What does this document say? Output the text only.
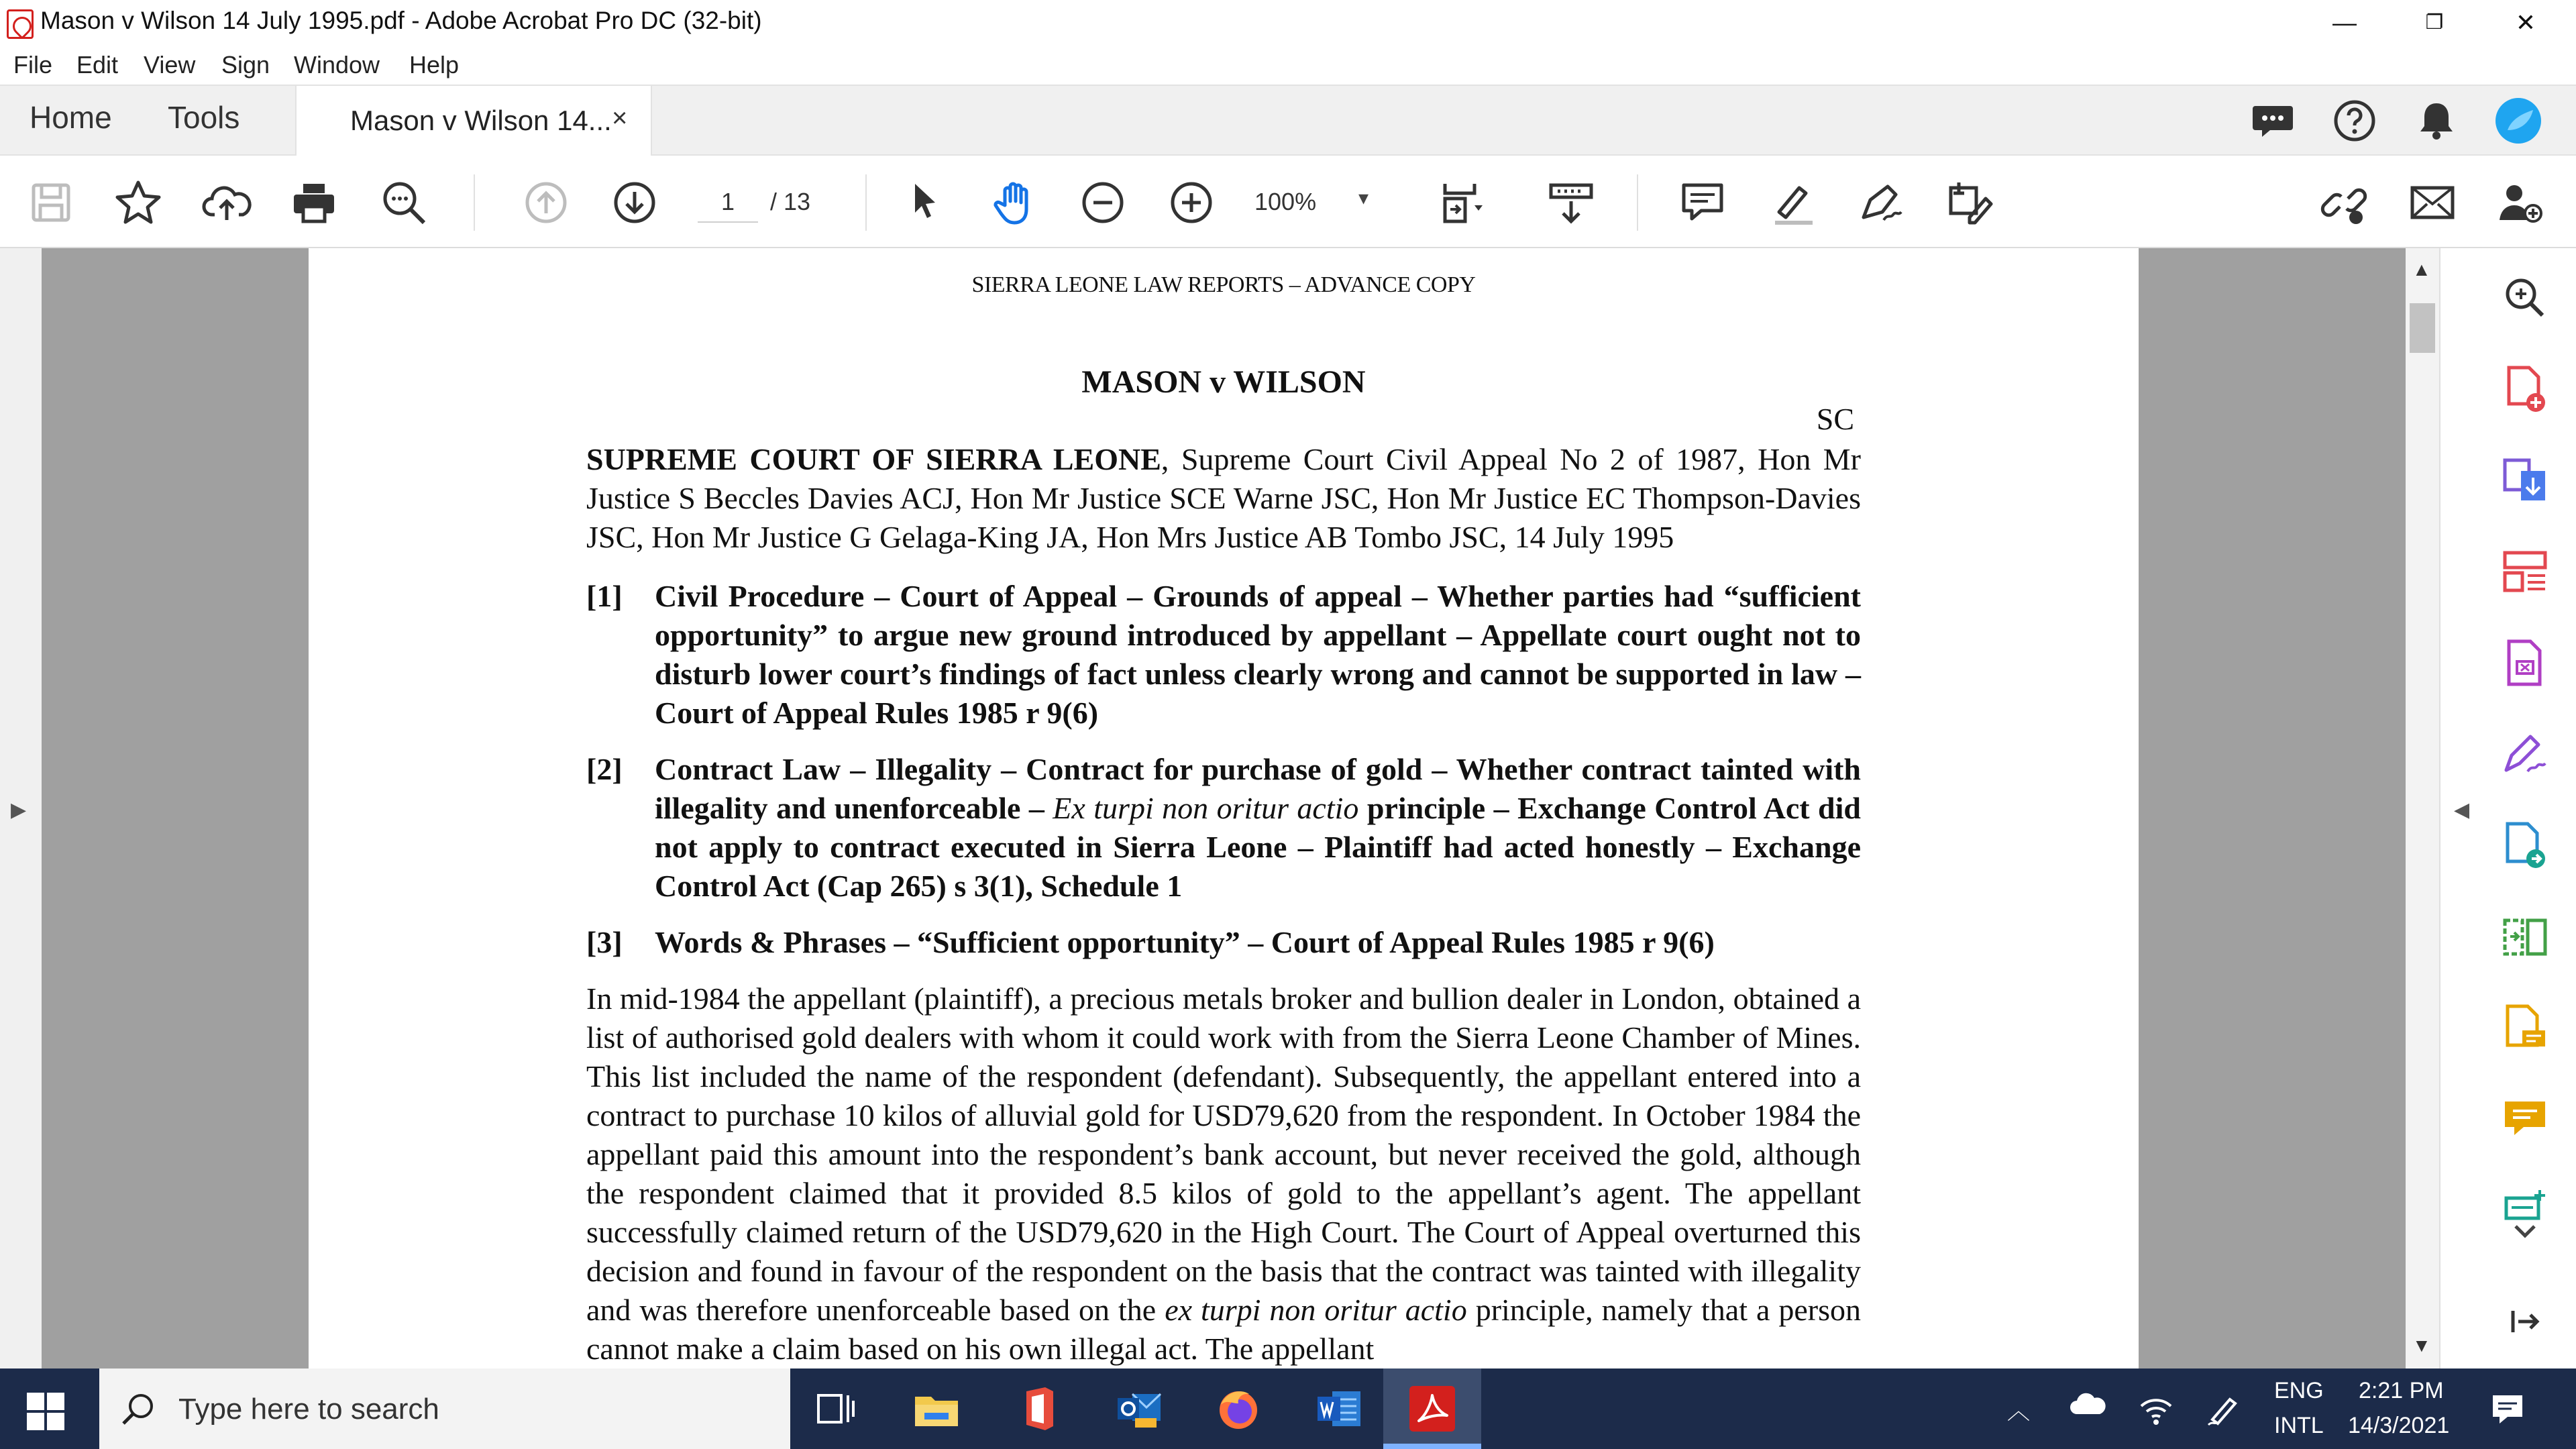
Mason v Wilson 14 July 1995.pdf - Adobe Acrobat Pro DC (32-bit)	—	❐	✕
File Edit View Sign Window Help
Home Tools	Mason v Wilson 14... ×
1
/ 13	100% ▾
▶
SIERRA LEONE LAW REPORTS – ADVANCE COPY
MASON v WILSON
SC
SUPREME COURT OF SIERRA LEONE, Supreme Court Civil Appeal No 2 of 1987, Hon Mr Justice S Beccles Davies ACJ, Hon Mr Justice SCE Warne JSC, Hon Mr Justice EC Thompson-Davies JSC, Hon Mr Justice G Gelaga-King JA, Hon Mrs Justice AB Tombo JSC, 14 July 1995
[1] Civil Procedure – Court of Appeal – Grounds of appeal – Whether parties had “sufficient opportunity” to argue new ground introduced by appellant – Appellate court ought not to disturb lower court’s findings of fact unless clearly wrong and cannot be supported in law – Court of Appeal Rules 1985 r 9(6)
[2] Contract Law – Illegality – Contract for purchase of gold – Whether contract tainted with illegality and unenforceable – Ex turpi non oritur actio principle – Exchange Control Act did not apply to contract executed in Sierra Leone – Plaintiff had acted honestly – Exchange Control Act (Cap 265) s 3(1), Schedule 1
[3] Words & Phrases – “Sufficient opportunity” – Court of Appeal Rules 1985 r 9(6)
In mid-1984 the appellant (plaintiff), a precious metals broker and bullion dealer in London, obtained a list of authorised gold dealers with whom it could work with from the Sierra Leone Chamber of Mines. This list included the name of the respondent (defendant). Subsequently, the appellant entered into a contract to purchase 10 kilos of alluvial gold for USD79,620 from the respondent. In October 1984 the appellant paid this amount into the respondent’s bank account, but never received the gold, although the respondent claimed that it provided 8.5 kilos of gold to the appellant’s agent. The appellant successfully claimed return of the USD79,620 in the High Court. The Court of Appeal overturned this decision and found in favour of the respondent on the basis that the contract was tainted with illegality and was therefore unenforceable based on the ex turpi non oritur actio principle, namely that a person cannot make a claim based on his own illegal act. The appellant
▲
▼
◀
Type here to search	︿
ENG
INTL
2:21 PM
14/3/2021
